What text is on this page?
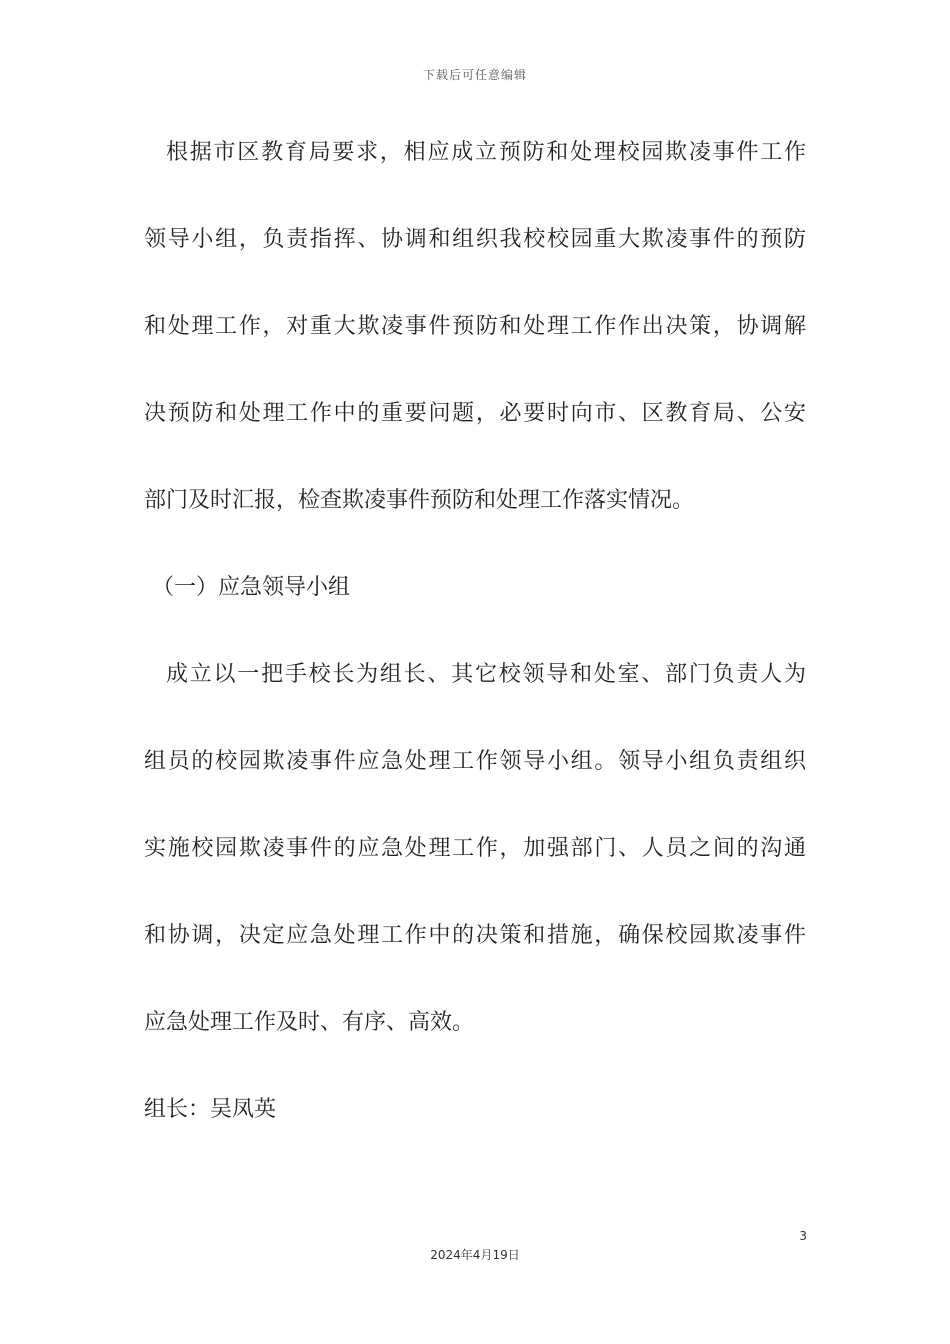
下载后可任意编辑
根据市区教育局要求，相应成立预防和处理校园欺凌事件工作
领导小组，负责指挥、协调和组织我校校园重大欺凌事件的预防
和处理工作，对重大欺凌事件预防和处理工作作出决策，协调解
决预防和处理工作中的重要问题，必要时向市、区教育局、公安
部门及时汇报，检查欺凌事件预防和处理工作落实情况。
（一）应急领导小组
成立以一把手校长为组长、其它校领导和处室、部门负责人为
组员的校园欺凌事件应急处理工作领导小组。领导小组负责组织
实施校园欺凌事件的应急处理工作，加强部门、人员之间的沟通
和协调，决定应急处理工作中的决策和措施，确保校园欺凌事件
应急处理工作及时、有序、高效。
组长：吴凤英
3
2024年4月19日
